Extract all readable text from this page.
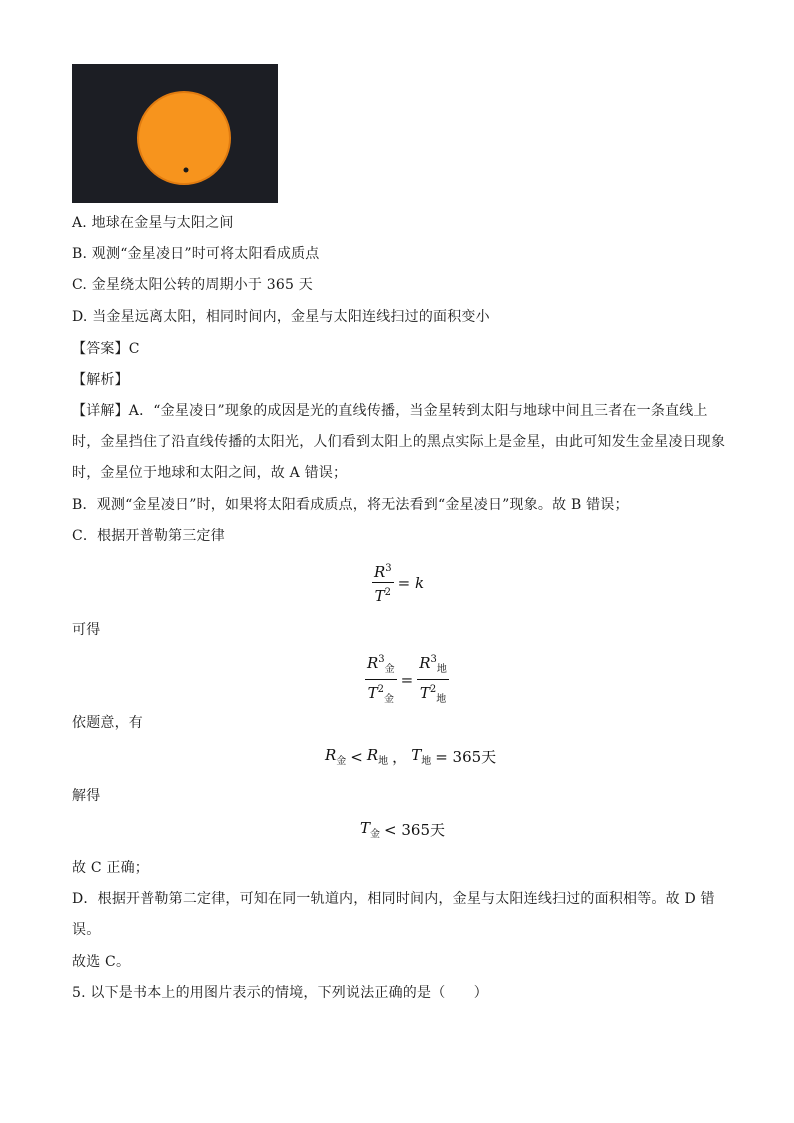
A. 地球在金星与太阳之间
B. 观测“金星凌日”时可将太阳看成质点
C. 金星绕太阳公转的周期小于 365 天
D. 当金星远离太阳，相同时间内，金星与太阳连线扫过的面积变小
【答案】C
【解析】
【详解】A．“金星凌日”现象的成因是光的直线传播，当金星转到太阳与地球中间且三者在一条直线上
时，金星挡住了沿直线传播的太阳光，人们看到太阳上的黑点实际上是金星，由此可知发生金星凌日现象
时，金星位于地球和太阳之间，故 A 错误；
B．观测“金星凌日”时，如果将太阳看成质点，将无法看到“金星凌日”现象。故 B 错误；
C．根据开普勒第三定律
$\frac{R^3}{T^2} = k$
可得
$\frac{R^3_金}{T^2_金} = \frac{R^3_地}{T^2_地}$
依题意，有
$R_金 < R_地$ ， $T_地 = 365$天
解得
$T_金 < 365$天
故 C 正确；
D．根据开普勒第二定律，可知在同一轨道内，相同时间内，金星与太阳连线扫过的面积相等。故 D 错
误。
故选 C。
5. 以下是书本上的用图片表示的情境，下列说法正确的是（　　）
